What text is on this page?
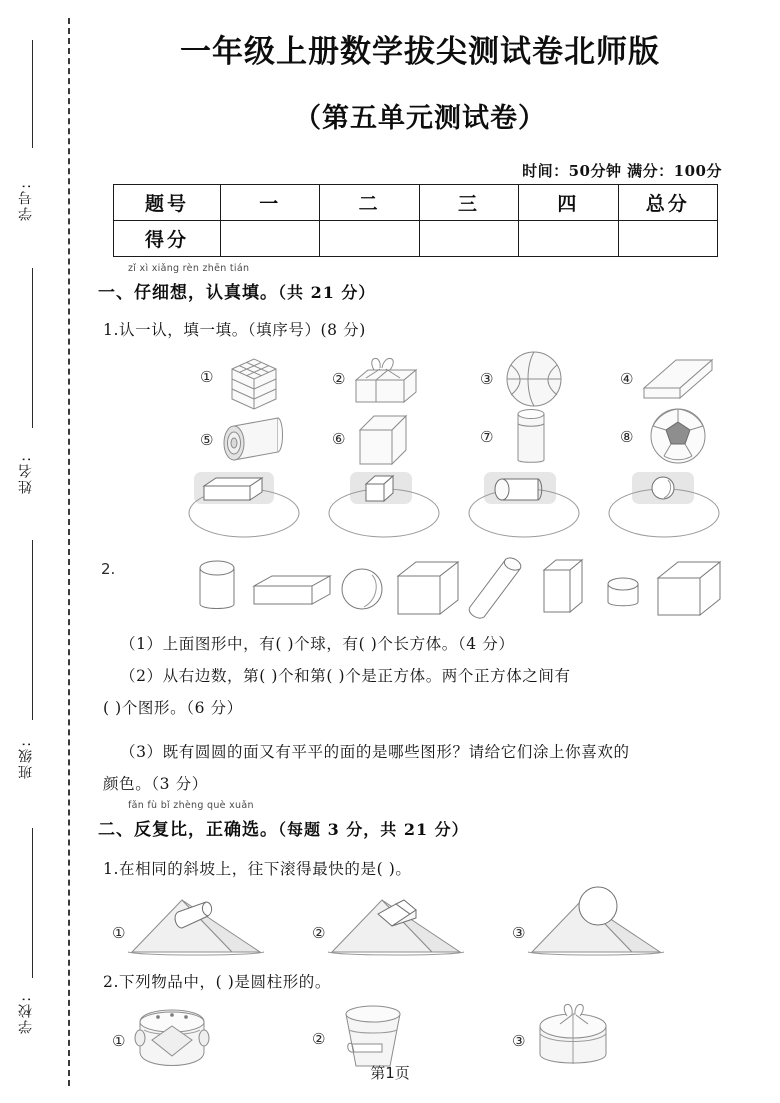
学号:
姓名:
班级:
学校:
一年级上册数学拔尖测试卷北师版
（第五单元测试卷）
时间：50分钟 满分：100分
题号	一	二	三	四	总分
得分					
zǐ xì xiǎng rèn zhēn tián
一、仔细想，认真填。（共 21 分）
1.认一认，填一填。（填序号）(8 分)
①	②	③	④
⑤	⑥	⑦	⑧
2.
（1）上面图形中，有( )个球，有( )个长方体。（4 分）
（2）从右边数，第( )个和第( )个是正方体。两个正方体之间有
( )个图形。（6 分）
（3）既有圆圆的面又有平平的面的是哪些图形？请给它们涂上你喜欢的
颜色。（3 分）
fǎn fù bǐ zhèng què xuǎn
二、反复比，正确选。（每题 3 分，共 21 分）
1.在相同的斜坡上，往下滚得最快的是( )。
①	②	③
2.下列物品中，( )是圆柱形的。
①	②	③
第1页
